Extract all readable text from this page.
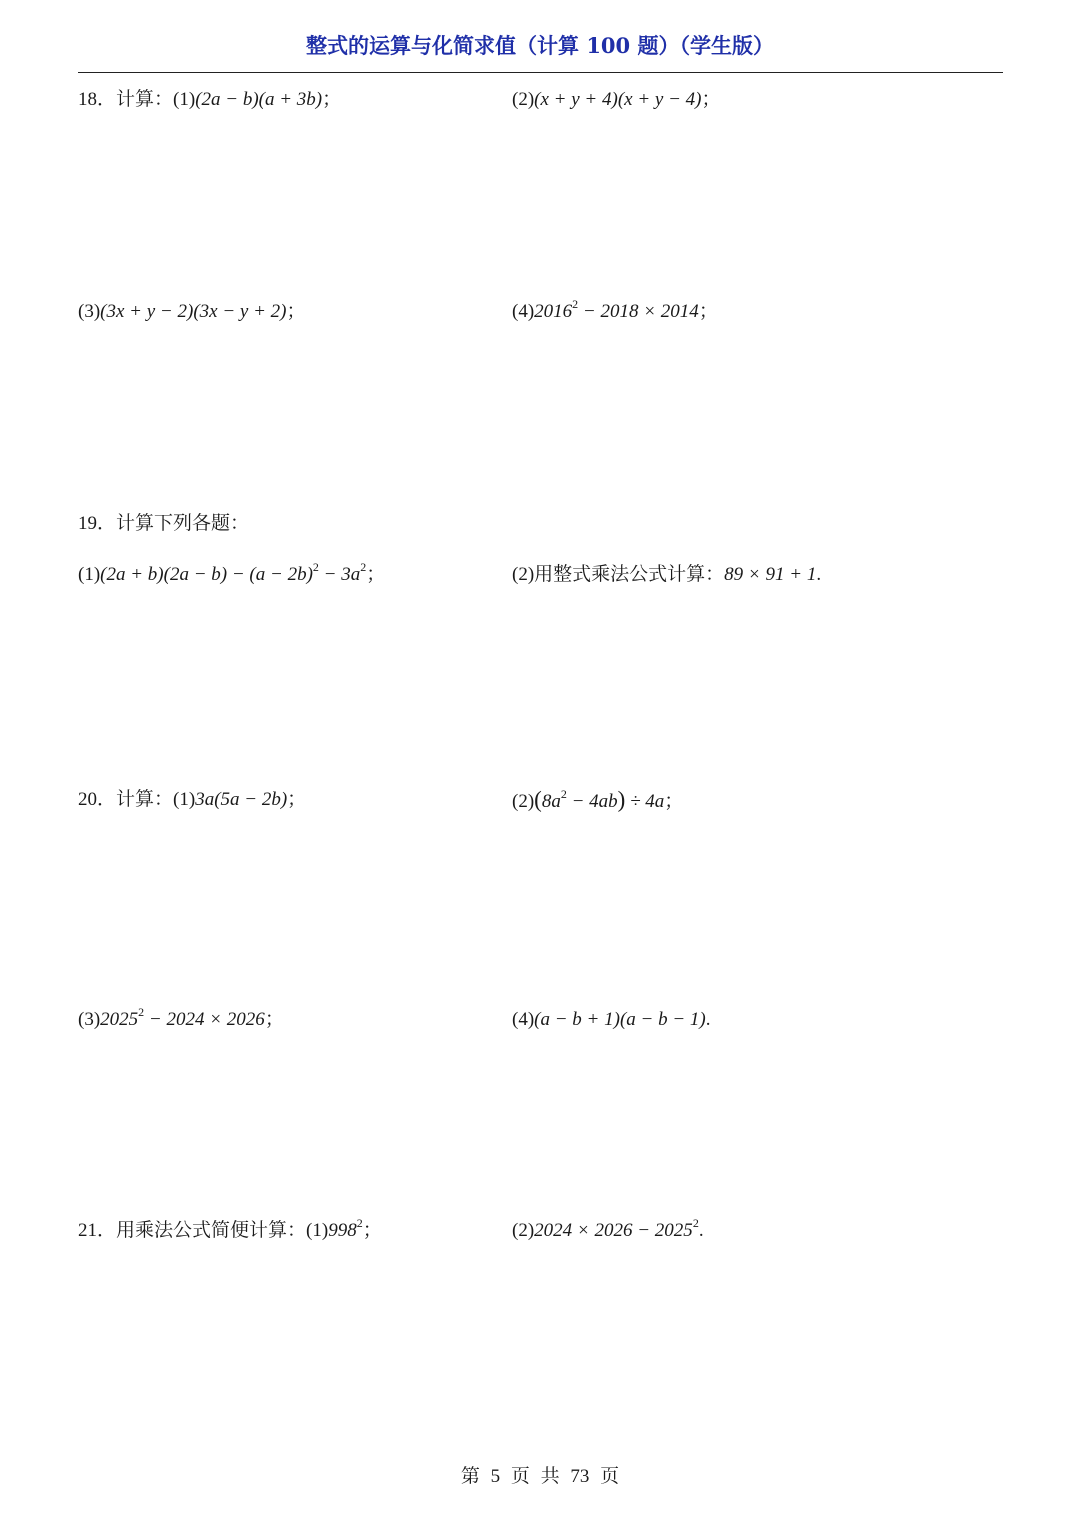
整式的运算与化简求值（计算 100 题）（学生版）
18．计算：(1)(2a − b)(a + 3b)；	(2)(x + y + 4)(x + y − 4)；
(3)(3x + y − 2)(3x − y + 2)；	$(4)2016^2 - 2018 \times 2014$；
19．计算下列各题：
$(1)(2a + b)(2a - b) - (a - 2b)^2 - 3a^2$；	(2)用整式乘法公式计算：89 × 91 + 1.
20．计算：(1)3a(5a − 2b)；	$(2)(8a^2 - 4ab) \div 4a$；
$(3)2025^2 - 2024 \times 2026$；	(4)(a − b + 1)(a − b − 1).
21．用乘法公式简便计算：$(1)998^2$；	$(2)2024 \times 2026 - 2025^2$.
第 5 页 共 73 页
